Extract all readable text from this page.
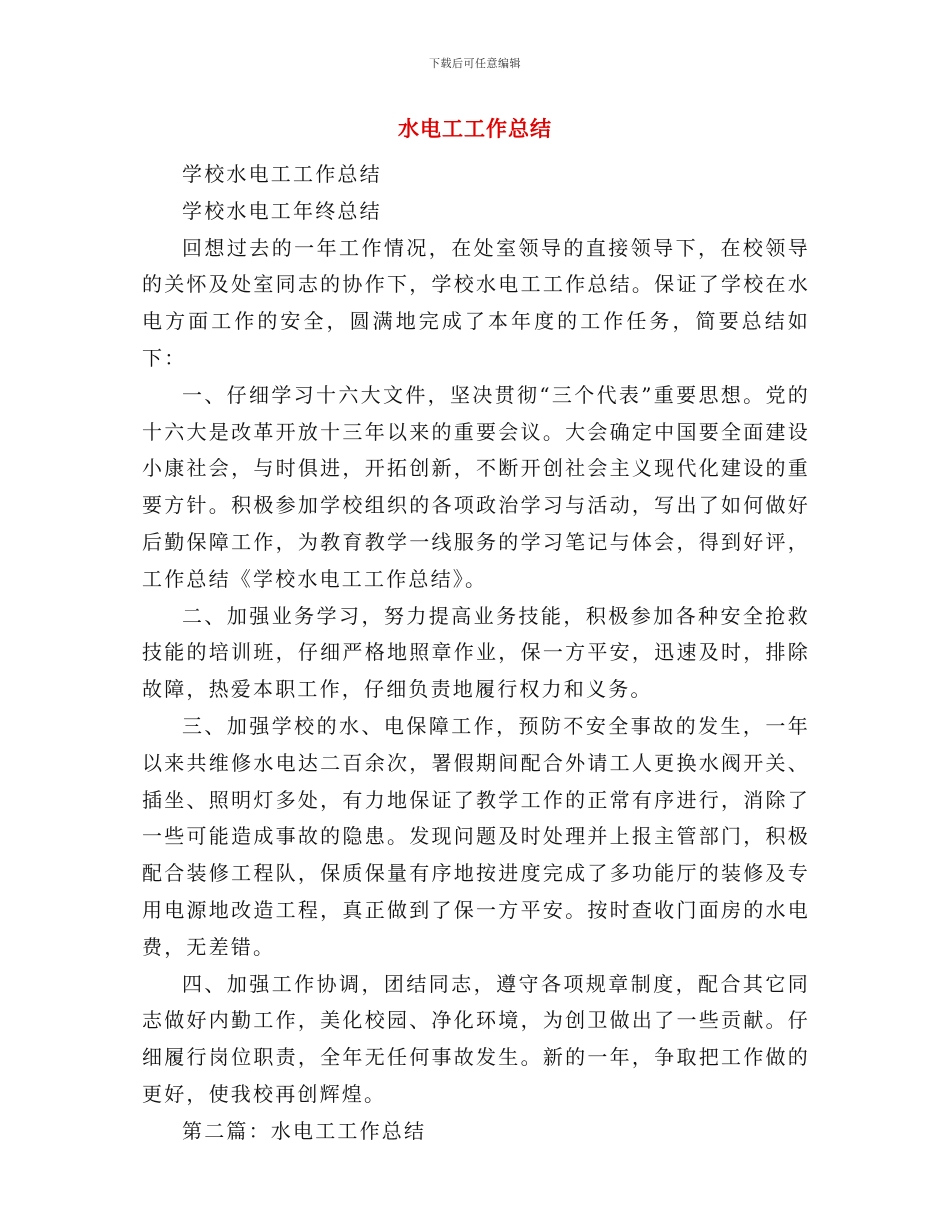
下载后可任意编辑
水电工工作总结

学校水电工工作总结

学校水电工年终总结

回想过去的一年工作情况，在处室领导的直接领导下，在校领导的关怀及处室同志的协作下，学校水电工工作总结。保证了学校在水电方面工作的安全，圆满地完成了本年度的工作任务，简要总结如下：

一、仔细学习十六大文件，坚决贯彻“三个代表”重要思想。党的十六大是改革开放十三年以来的重要会议。大会确定中国要全面建设小康社会，与时俱进，开拓创新，不断开创社会主义现代化建设的重要方针。积极参加学校组织的各项政治学习与活动，写出了如何做好后勤保障工作，为教育教学一线服务的学习笔记与体会，得到好评，工作总结《学校水电工工作总结》。

二、加强业务学习，努力提高业务技能，积极参加各种安全抢救技能的培训班，仔细严格地照章作业，保一方平安，迅速及时，排除故障，热爱本职工作，仔细负责地履行权力和义务。

三、加强学校的水、电保障工作，预防不安全事故的发生，一年以来共维修水电达二百余次，署假期间配合外请工人更换水阀开关、插坐、照明灯多处，有力地保证了教学工作的正常有序进行，消除了一些可能造成事故的隐患。发现问题及时处理并上报主管部门，积极配合装修工程队，保质保量有序地按进度完成了多功能厅的装修及专用电源地改造工程，真正做到了保一方平安。按时查收门面房的水电费，无差错。

四、加强工作协调，团结同志，遵守各项规章制度，配合其它同志做好内勤工作，美化校园、净化环境，为创卫做出了一些贡献。仔细履行岗位职责，全年无任何事故发生。新的一年，争取把工作做的更好，使我校再创辉煌。

第二篇：水电工工作总结
